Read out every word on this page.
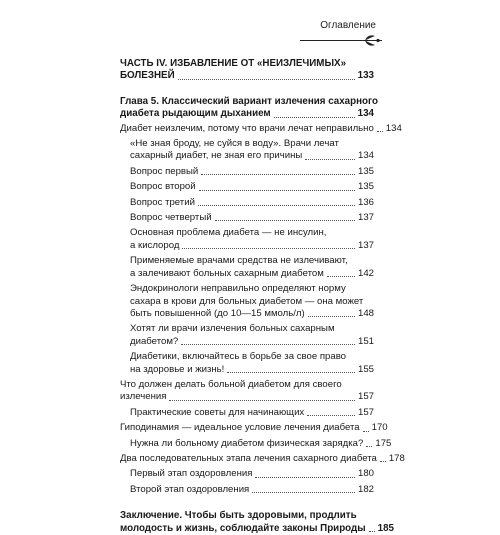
Оглавление
ЧАСТЬ IV. ИЗБАВЛЕНИЕ ОТ «НЕИЗЛЕЧИМЫХ»
БОЛЕЗНЕЙ	133
Глава 5. Классический вариант излечения сахарного
диабета рыдающим дыханием	134
Диабет неизлечим, потому что врачи лечат неправильно 134
«Не зная броду, не суйся в воду». Врачи лечат
сахарный диабет, не зная его причины	134
Вопрос первый	135
Вопрос второй	135
Вопрос третий	136
Вопрос четвертый	137
Основная проблема диабета — не инсулин,
а кислород	137
Применяемые врачами средства не излечивают,
а залечивают больных сахарным диабетом	142
Эндокринологи неправильно определяют норму
сахара в крови для больных диабетом — она может
быть повышенной (до 10—15 ммоль/л)	148
Хотят ли врачи излечения больных сахарным
диабетом?	151
Диабетики, включайтесь в борьбе за свое право
на здоровье и жизнь!	155
Что должен делать больной диабетом для своего
излечения	157
Практические советы для начинающих	157
Гиподинамия — идеальное условие лечения диабета 170
Нужна ли больному диабетом физическая зарядка? 175
Два последовательных этапа лечения сахарного диабета 178
Первый этап оздоровления	180
Второй этап оздоровления	182
Заключение. Чтобы быть здоровыми, продлить
молодость и жизнь, соблюдайте законы Природы 185
